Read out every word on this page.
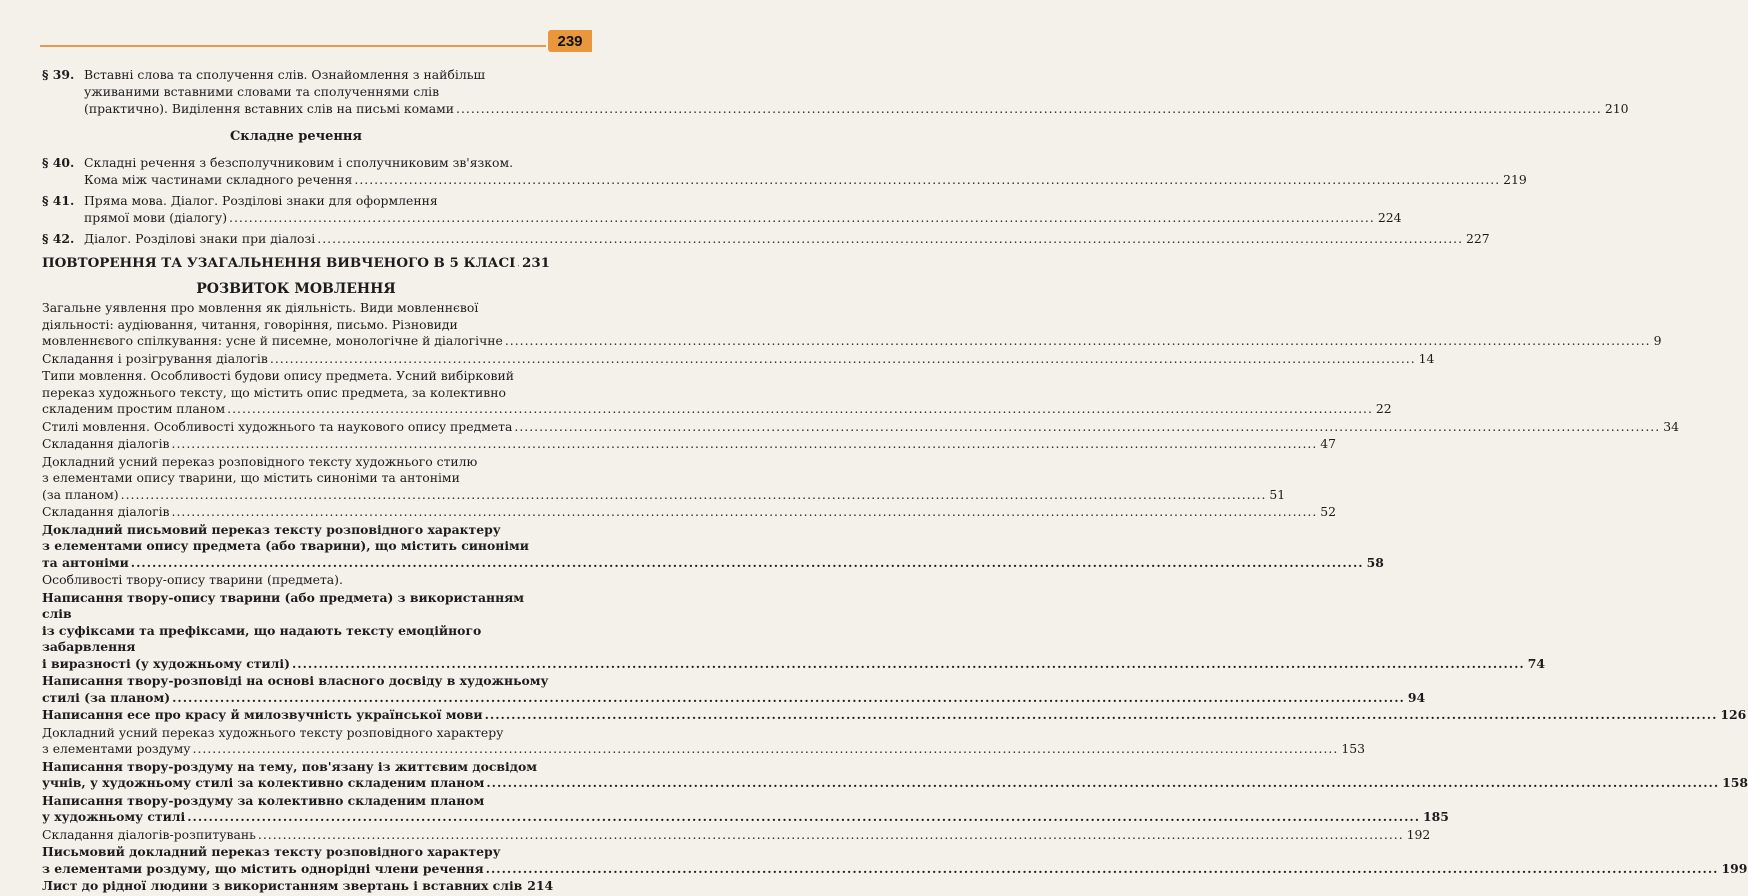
239
§ 39. Вставні слова та сполучення слів. Ознайомлення з найбільш
уживаними вставними словами та сполученнями слів
(практично). Виділення вставних слів на письмі комами .....	210
Складне речення
§ 40. Складні речення з безсполучниковим і сполучниковим зв'язком.
Кома між частинами складного речення .....	219
§ 41. Пряма мова. Діалог. Розділові знаки для оформлення
прямої мови (діалогу) .....	224
§ 42. Діалог. Розділові знаки при діалозі .....	227
ПОВТОРЕННЯ ТА УЗАГАЛЬНЕННЯ ВИВЧЕНОГО В 5 КЛАСІ ..... 231
РОЗВИТОК МОВЛЕННЯ
Загальне уявлення про мовлення як діяльність. Види мовленнєвої
діяльності: аудіювання, читання, говоріння, письмо. Різновиди
мовленнєвого спілкування: усне й писемне, монологічне й діалогічне .....	9
Складання і розігрування діалогів .....	14
Типи мовлення. Особливості будови опису предмета. Усний вибірковий
переказ художнього тексту, що містить опис предмета, за колективно
складеним простим планом .....	22
Стилі мовлення. Особливості художнього та наукового опису предмета .....	34
Складання діалогів .....	47
Докладний усний переказ розповідного тексту художнього стилю
з елементами опису тварини, що містить синоніми та антоніми
(за планом) .....	51
Складання діалогів .....	52
Докладний письмовий переказ тексту розповідного характеру
з елементами опису предмета (або тварини), що містить синоніми
та антоніми .....	58
Особливості твору-опису тварини (предмета).
Написання твору-опису тварини (або предмета) з використанням слів
із суфіксами та префіксами, що надають тексту емоційного забарвлення
і виразності (у художньому стилі) .....	74
Написання твору-розповіді на основі власного досвіду в художньому
стилі (за планом) .....	94
Написання есе про красу й милозвучність української мови .....	126
Докладний усний переказ художнього тексту розповідного характеру
з елементами роздуму .....	153
Написання твору-роздуму на тему, пов'язану із життєвим досвідом
учнів, у художньому стилі за колективно складеним планом .....	158
Написання твору-роздуму за колективно складеним планом
у художньому стилі .....	185
Складання діалогів-розпитувань .....	192
Письмовий докладний переказ тексту розповідного характеру
з елементами роздуму, що містить однорідні члени речення .....	199
Лист до рідної людини з використанням звертань і вставних слів 214
